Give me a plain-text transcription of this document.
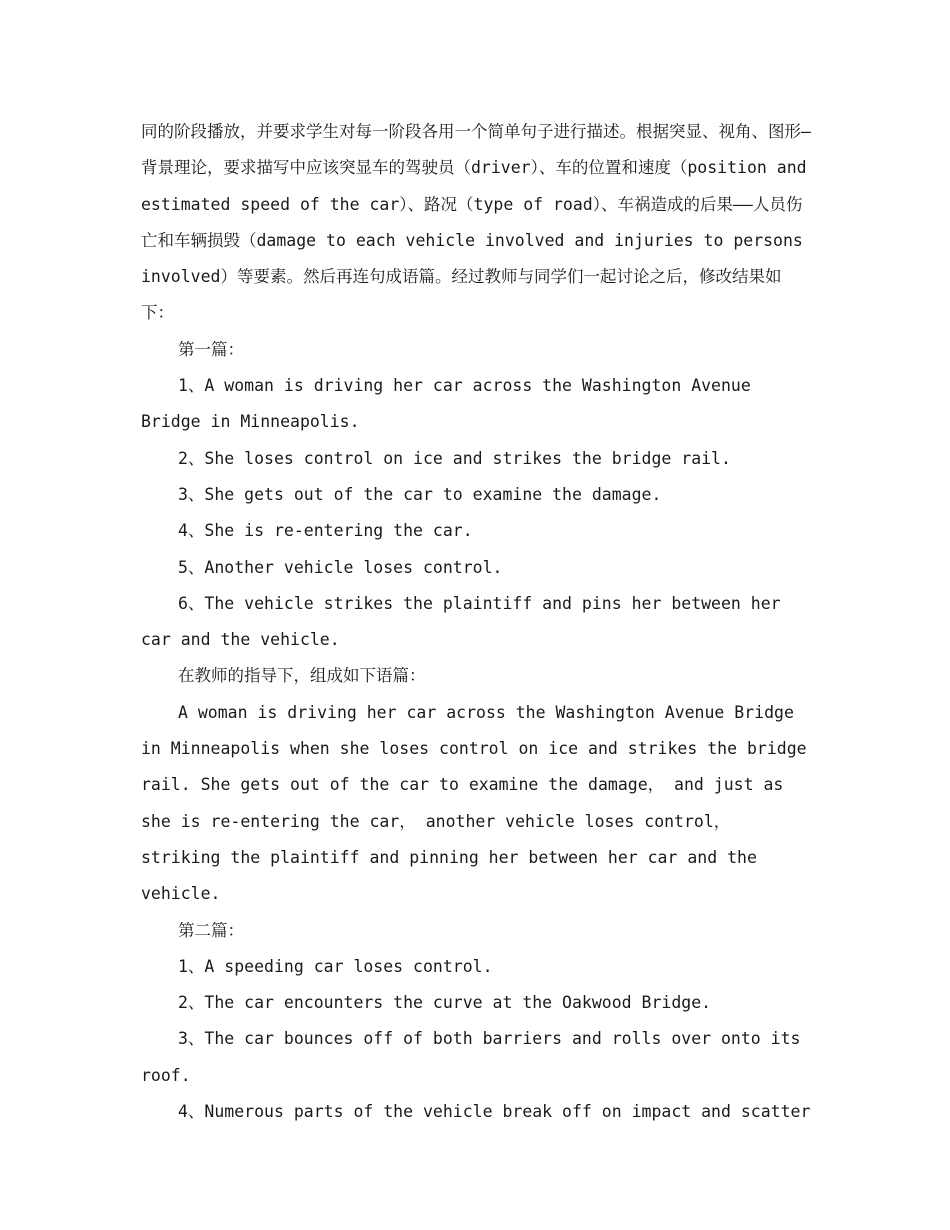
同的阶段播放，并要求学生对每一阶段各用一个简单句子进行描述。根据突显、视角、图形—背景理论，要求描写中应该突显车的驾驶员（driver）、车的位置和速度（position and estimated speed of the car）、路况（type of road）、车祸造成的后果——人员伤亡和车辆损毁（damage to each vehicle involved and injuries to persons involved）等要素。然后再连句成语篇。经过教师与同学们一起讨论之后，修改结果如下：

第一篇：

1、A woman is driving her car across the Washington Avenue Bridge in Minneapolis.

2、She loses control on ice and strikes the bridge rail.

3、She gets out of the car to examine the damage.

4、She is re-entering the car.

5、Another vehicle loses control.

6、The vehicle strikes the plaintiff and pins her between her car and the vehicle.

在教师的指导下，组成如下语篇：

A woman is driving her car across the Washington Avenue Bridge in Minneapolis when she loses control on ice and strikes the bridge rail. She gets out of the car to examine the damage， and just as she is re-entering the car， another vehicle loses control， striking the plaintiff and pinning her between her car and the vehicle.

第二篇：

1、A speeding car loses control.

2、The car encounters the curve at the Oakwood Bridge.

3、The car bounces off of both barriers and rolls over onto its roof.

4、Numerous parts of the vehicle break off on impact and scatter
